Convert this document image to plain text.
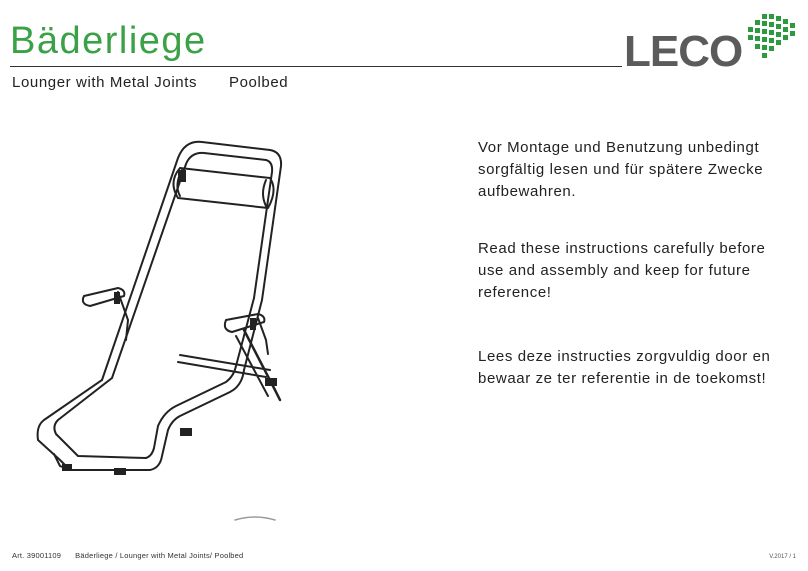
Bäderliege
Lounger with Metal Joints Poolbed
LECO
Vor Montage und Benutzung unbedingt
sorgfältig lesen und für spätere Zwecke
aufbewahren.
Read these instructions carefully before
use and assembly and keep for future
reference!
Lees deze instructies zorgvuldig door en
bewaar ze ter referentie in de toekomst!
Art. 39001109 Bäderliege / Lounger with Metal Joints/ Poolbed	V.2017 / 1
